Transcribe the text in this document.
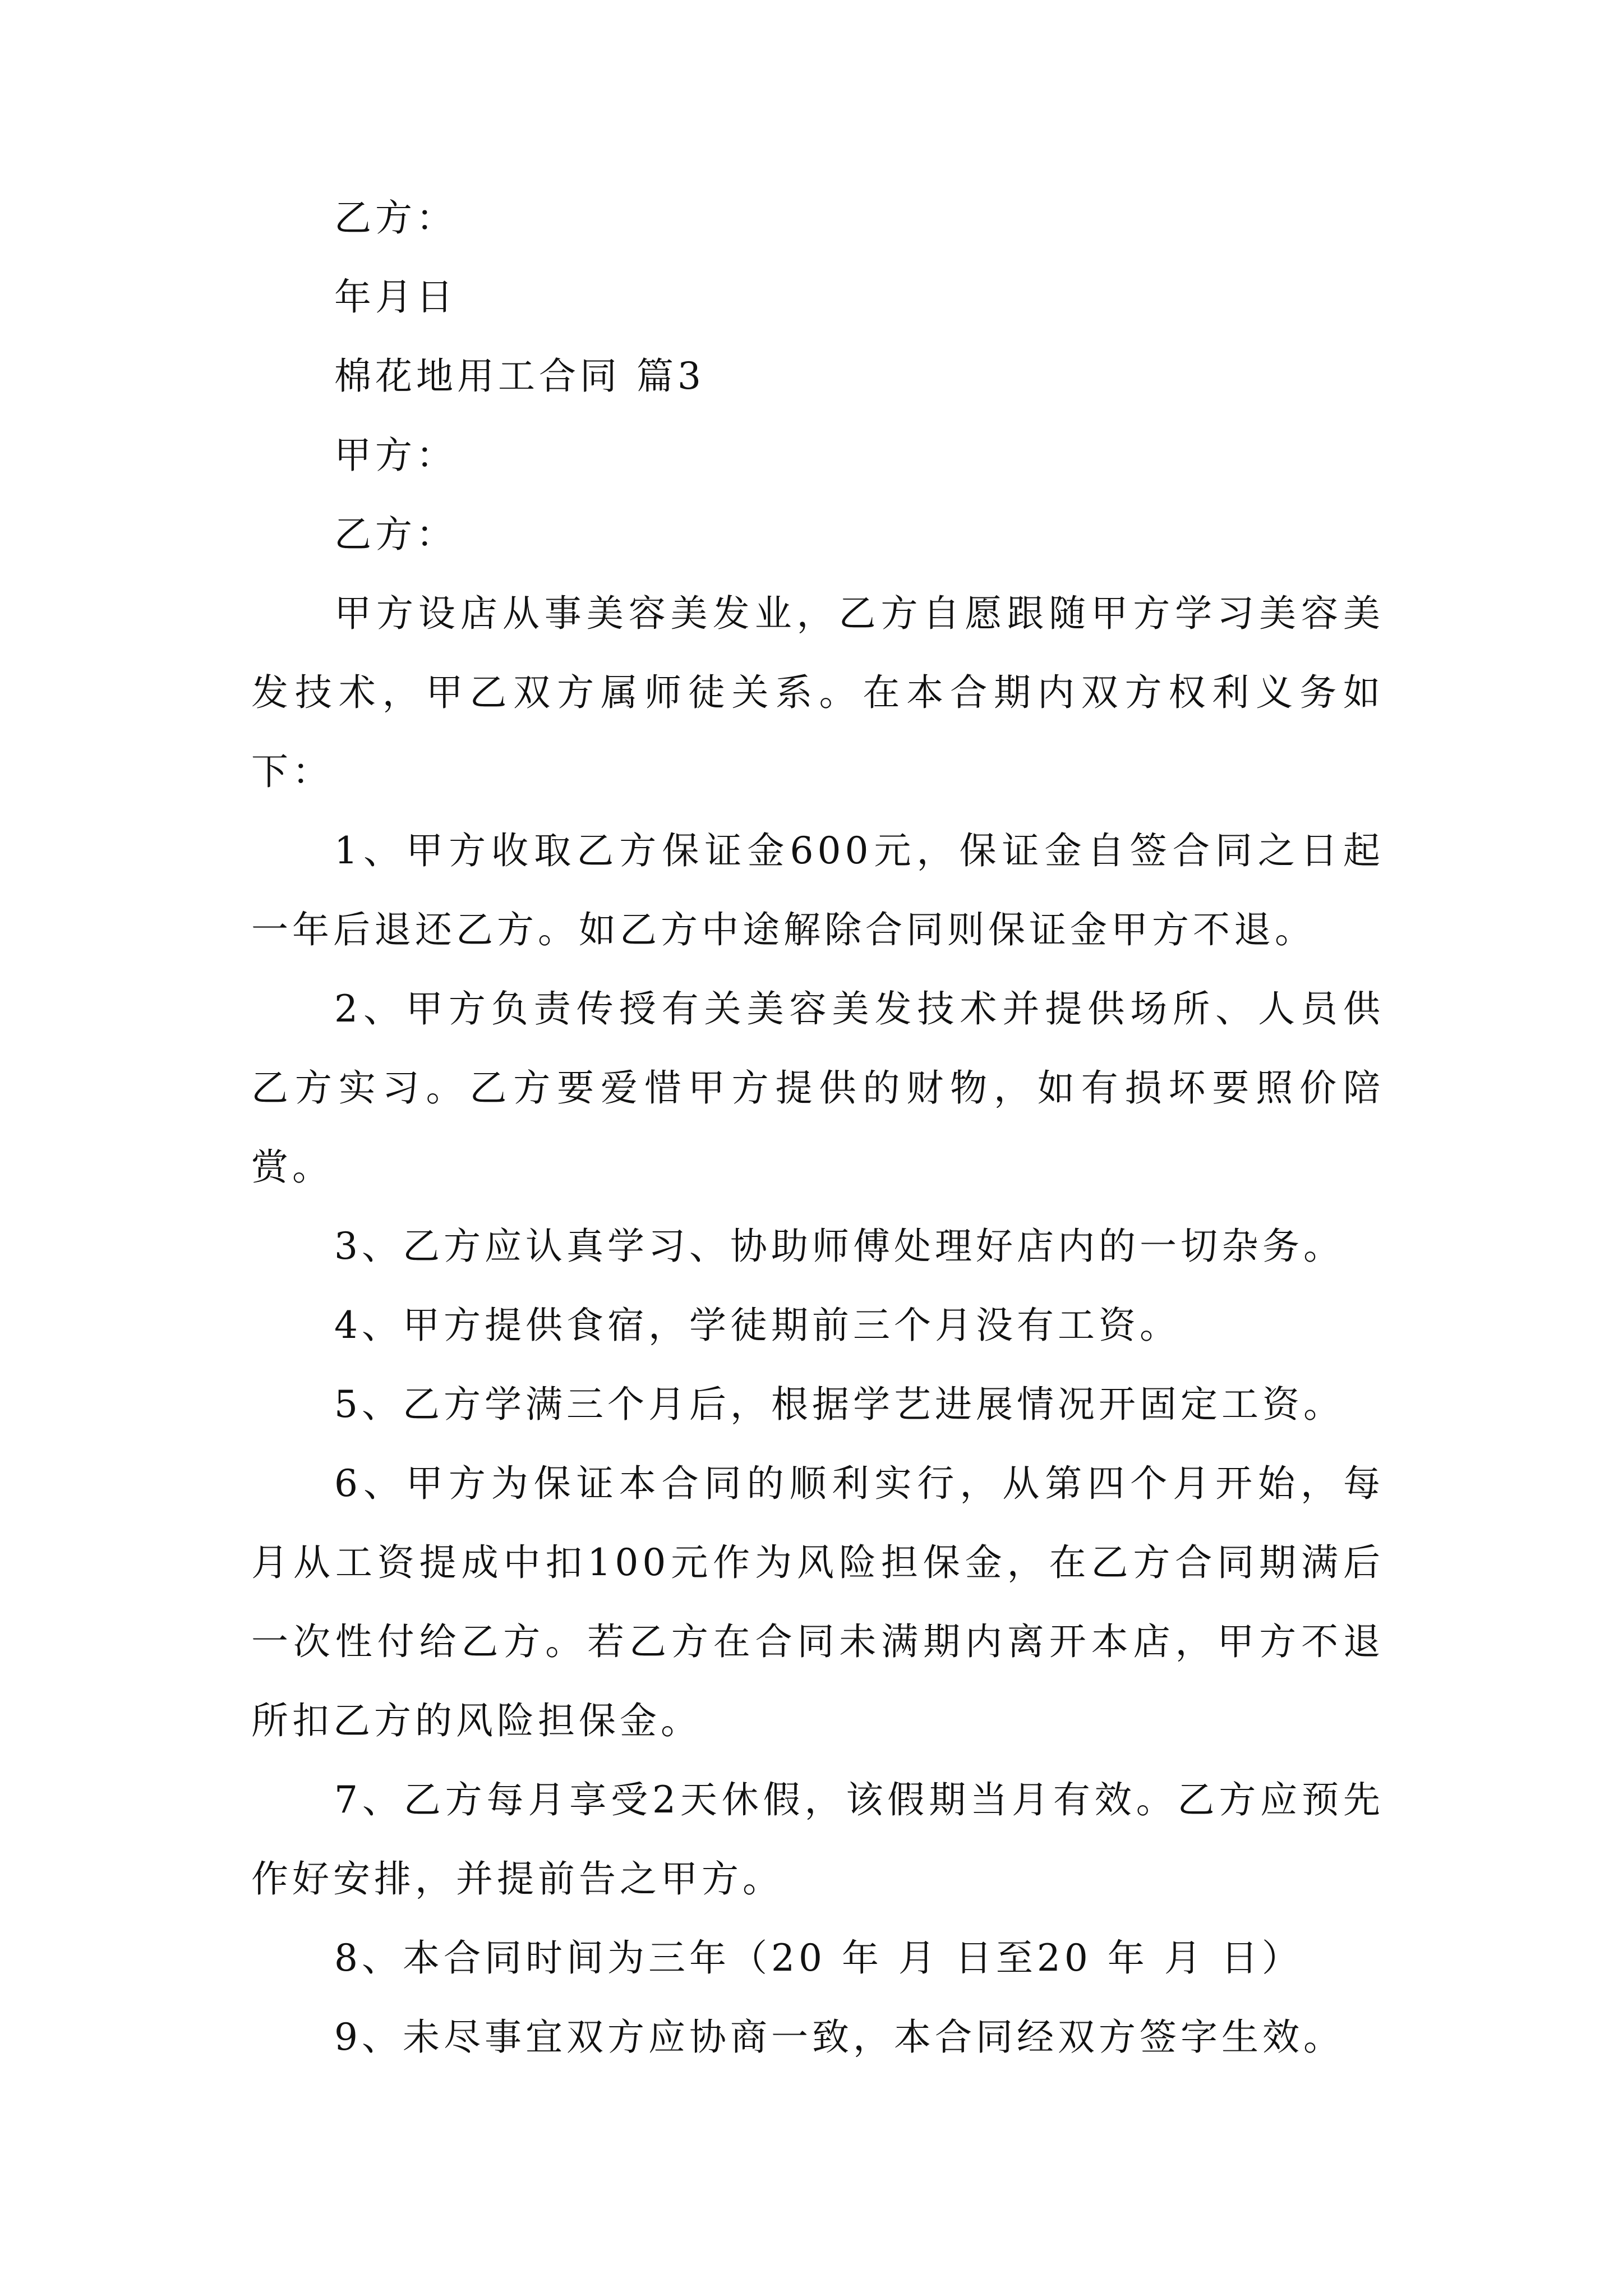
乙方：
年月日
棉花地用工合同 篇3
甲方：
乙方：

甲方设店从事美容美发业，乙方自愿跟随甲方学习美容美发技术，甲乙双方属师徒关系。在本合期内双方权利义务如下：

1、甲方收取乙方保证金600元，保证金自签合同之日起一年后退还乙方。如乙方中途解除合同则保证金甲方不退。

2、甲方负责传授有关美容美发技术并提供场所、人员供乙方实习。乙方要爱惜甲方提供的财物，如有损坏要照价陪赏。

3、乙方应认真学习、协助师傅处理好店内的一切杂务。

4、甲方提供食宿，学徒期前三个月没有工资。

5、乙方学满三个月后，根据学艺进展情况开固定工资。

6、甲方为保证本合同的顺利实行，从第四个月开始，每月从工资提成中扣100元作为风险担保金，在乙方合同期满后一次性付给乙方。若乙方在合同未满期内离开本店，甲方不退所扣乙方的风险担保金。

7、乙方每月享受2天休假，该假期当月有效。乙方应预先作好安排，并提前告之甲方。

8、本合同时间为三年（20 年 月 日至20 年 月 日）

9、未尽事宜双方应协商一致，本合同经双方签字生效。
